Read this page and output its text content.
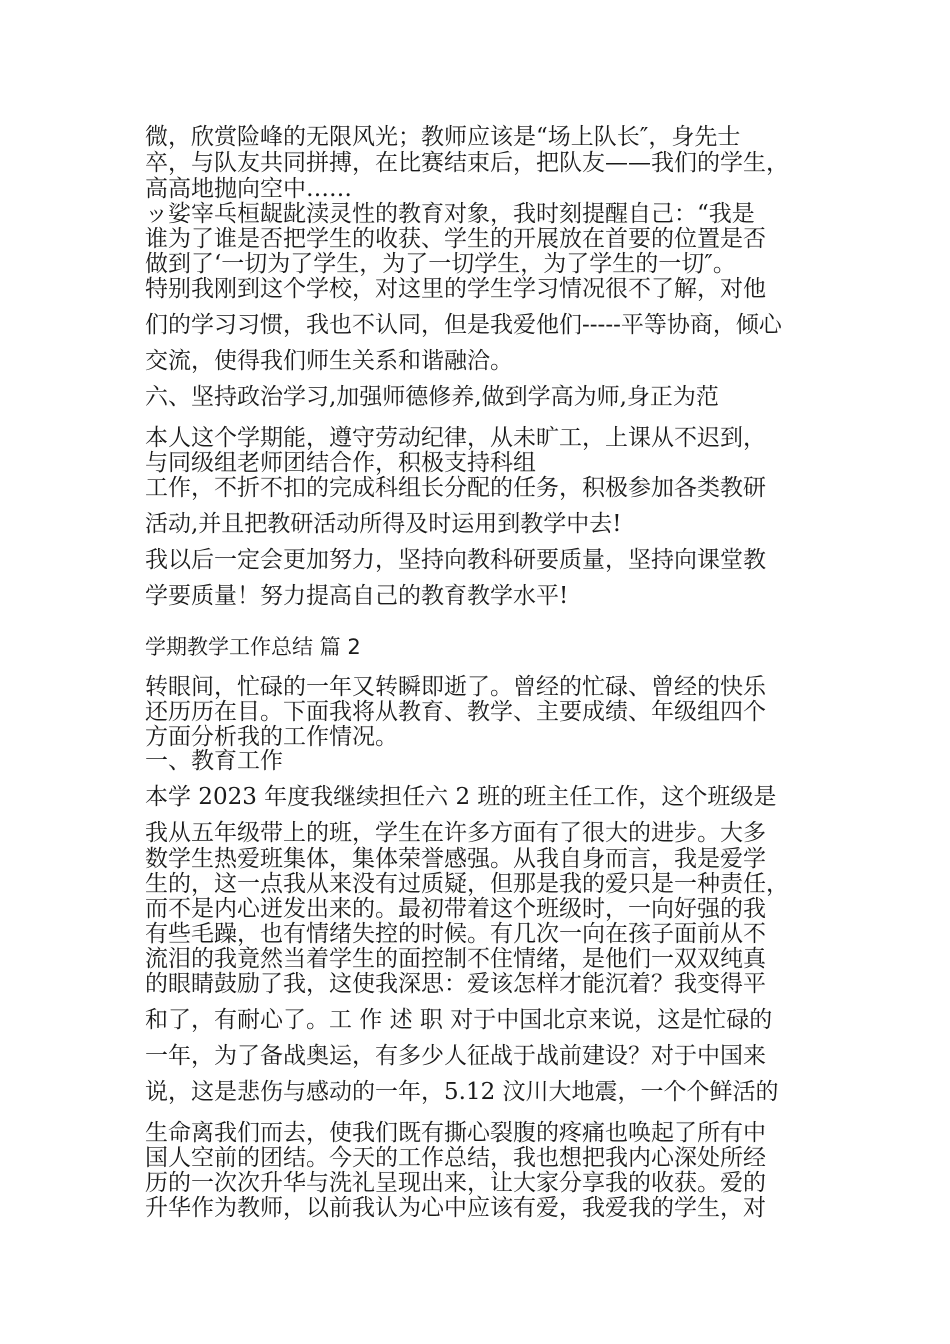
微，欣赏险峰的无限风光；教师应该是“场上队长″，身先士
卒，与队友共同拼搏，在比赛结束后，把队友——我们的学生，
高高地抛向空中……
ッ娑宰乓桓龊龀渎灵性的教育对象，我时刻提醒自己：“我是
谁为了谁是否把学生的收获、学生的开展放在首要的位置是否
做到了‘一切为了学生，为了一切学生，为了学生的一切″。
特别我刚到这个学校，对这里的学生学习情况很不了解，对他
们的学习习惯，我也不认同，但是我爱他们-----平等协商，倾心
交流，使得我们师生关系和谐融洽。
六、坚持政治学习,加强师德修养,做到学高为师,身正为范
本人这个学期能，遵守劳动纪律，从未旷工，上课从不迟到，
与同级组老师团结合作，积极支持科组
工作，不折不扣的完成科组长分配的任务，积极参加各类教研
活动,并且把教研活动所得及时运用到教学中去!
我以后一定会更加努力，坚持向教科研要质量，坚持向课堂教
学要质量！努力提高自己的教育教学水平!
学期教学工作总结 篇 2
转眼间，忙碌的一年又转瞬即逝了。曾经的忙碌、曾经的快乐
还历历在目。下面我将从教育、教学、主要成绩、年级组四个
方面分析我的工作情况。
一、教育工作
本学 2023 年度我继续担任六 2 班的班主任工作，这个班级是
我从五年级带上的班，学生在许多方面有了很大的进步。大多
数学生热爱班集体，集体荣誉感强。从我自身而言，我是爱学
生的，这一点我从来没有过质疑，但那是我的爱只是一种责任，
而不是内心迸发出来的。最初带着这个班级时，一向好强的我
有些毛躁，也有情绪失控的时候。有几次一向在孩子面前从不
流泪的我竟然当着学生的面控制不住情绪，是他们一双双纯真
的眼睛鼓励了我，这使我深思：爱该怎样才能沉着？我变得平
和了，有耐心了。工 作 述 职 对于中国北京来说，这是忙碌的
一年，为了备战奥运，有多少人征战于战前建设？对于中国来
说，这是悲伤与感动的一年，5.12 汶川大地震，一个个鲜活的
生命离我们而去，使我们既有撕心裂腹的疼痛也唤起了所有中
国人空前的团结。今天的工作总结，我也想把我内心深处所经
历的一次次升华与洗礼呈现出来，让大家分享我的收获。爱的
升华作为教师，以前我认为心中应该有爱，我爱我的学生，对
